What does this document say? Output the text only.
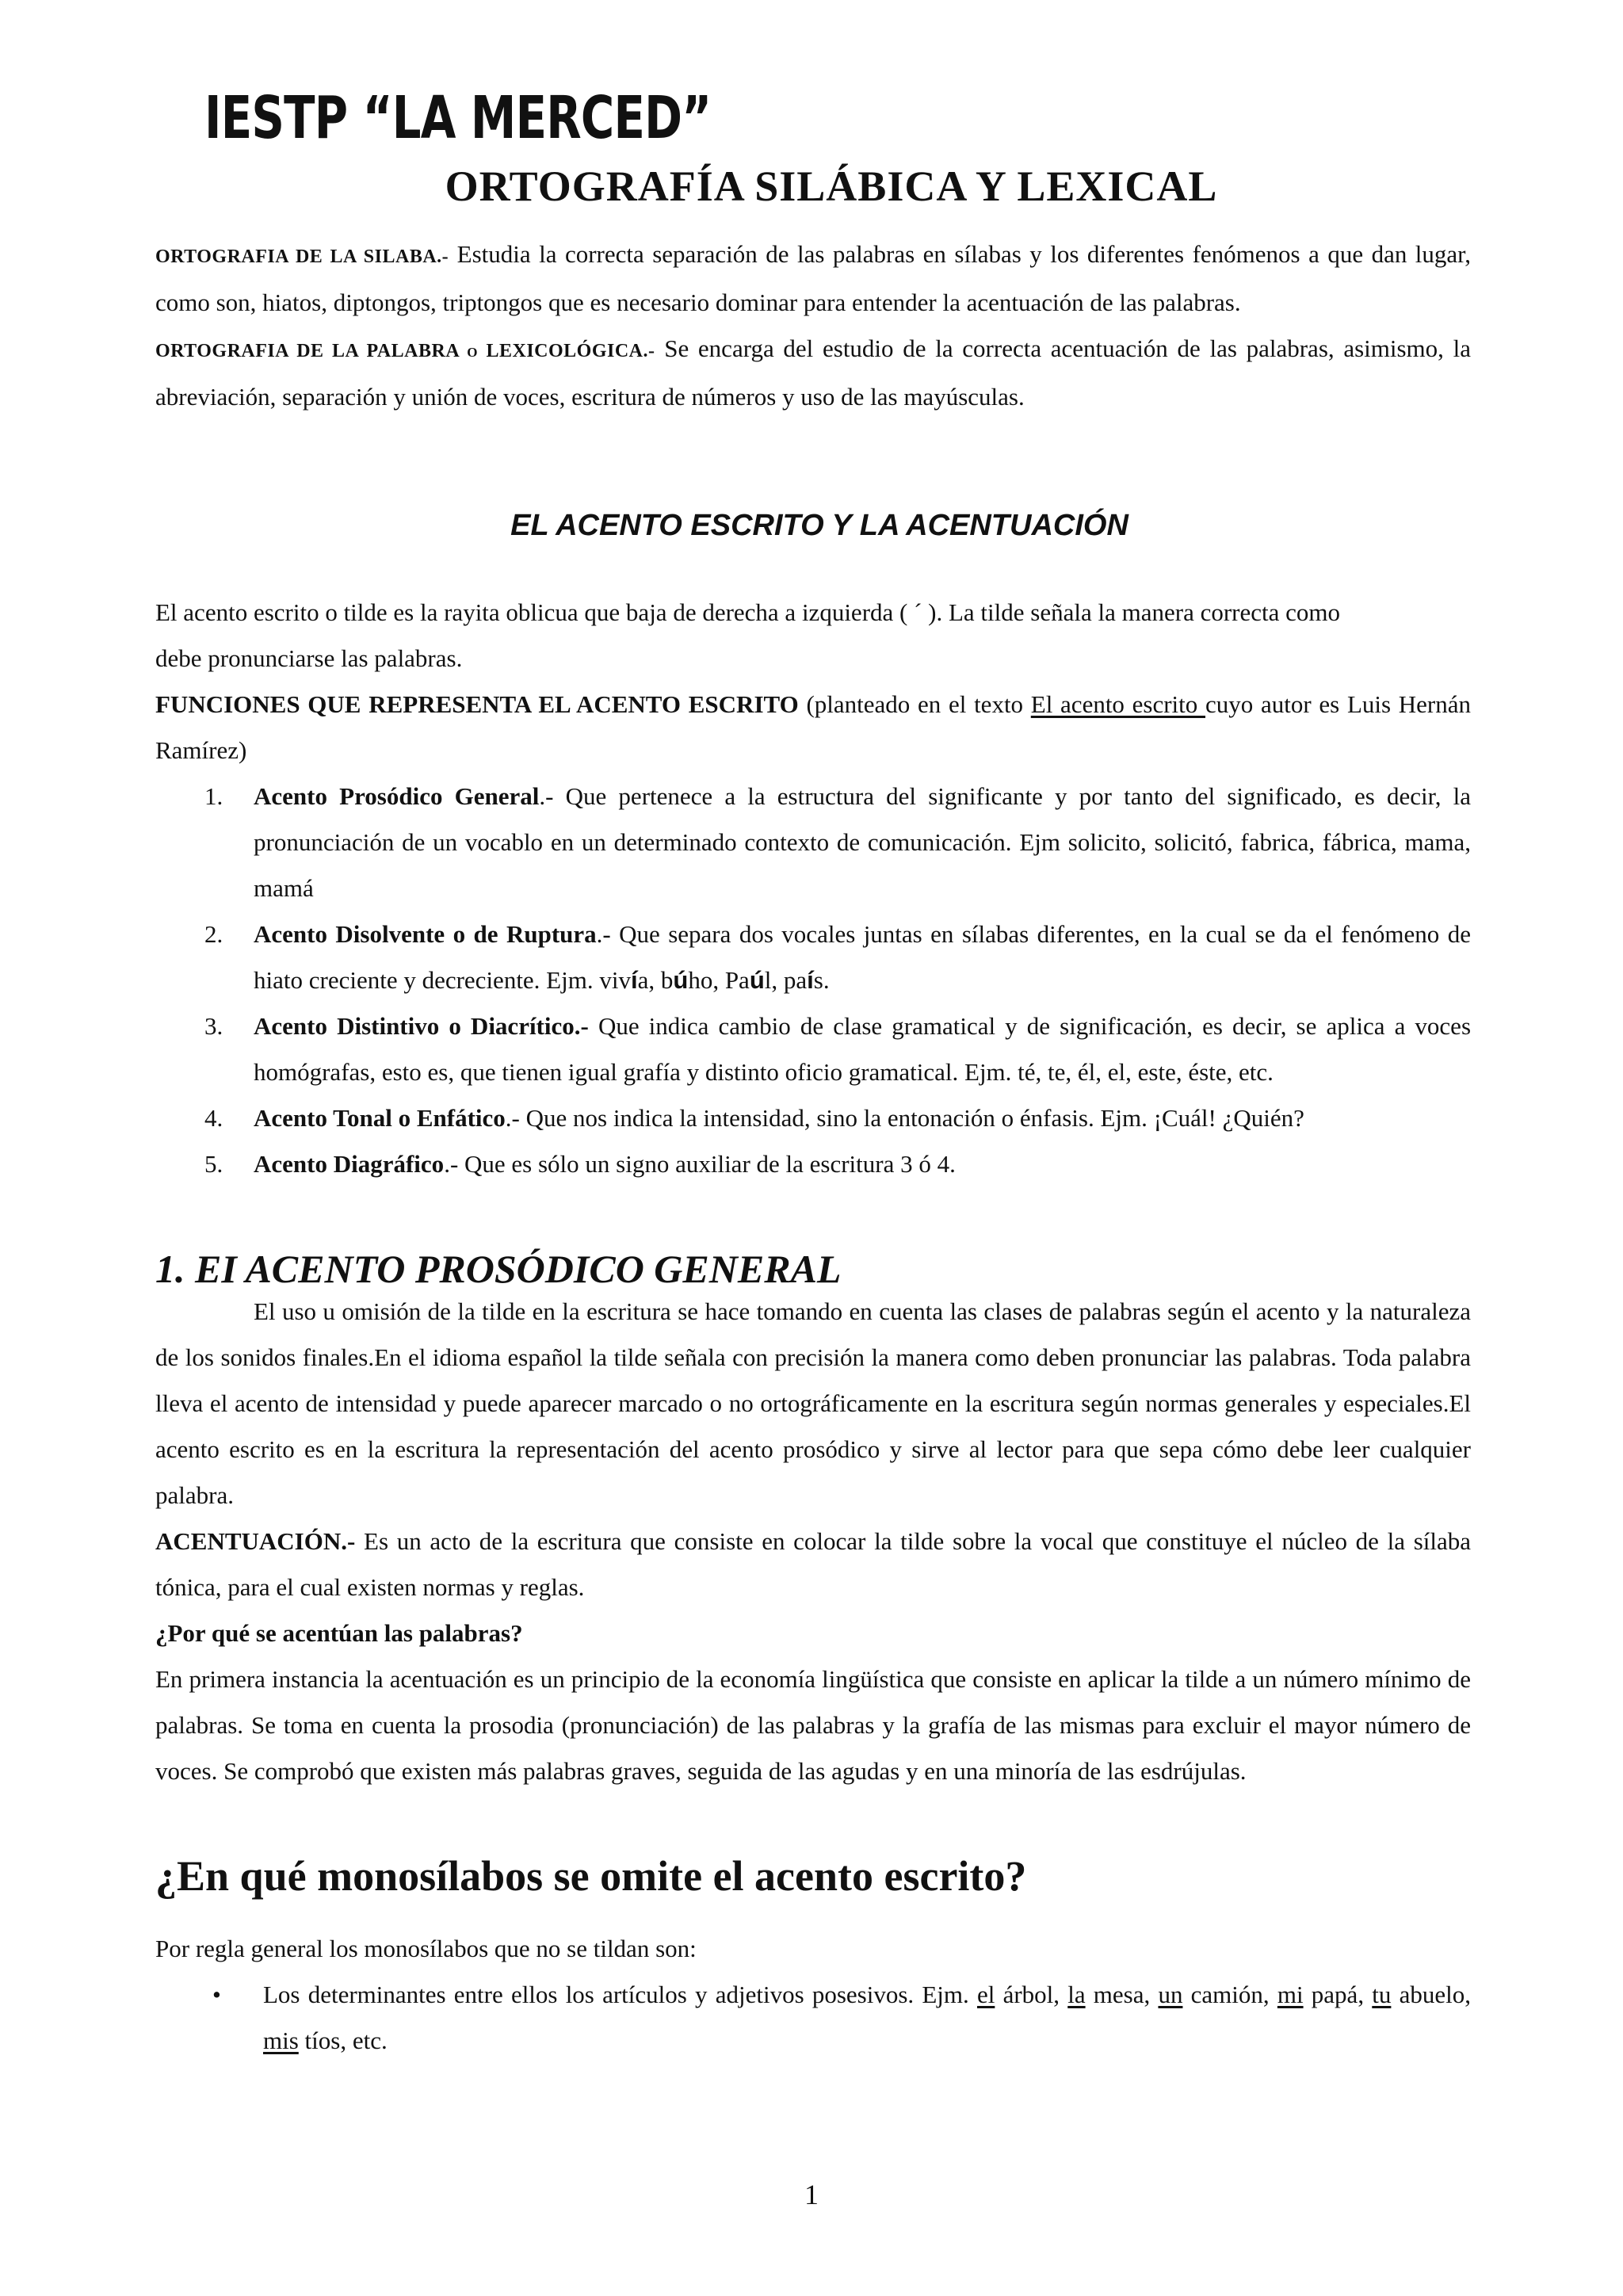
IESTP “LA MERCED”
ORTOGRAFÍA SILÁBICA Y LEXICAL

ORTOGRAFIA DE LA SILABA.- Estudia la correcta separación de las palabras en sílabas y los diferentes fenómenos a que dan lugar, como son, hiatos, diptongos, triptongos que es necesario dominar para entender la acentuación de las palabras.

ORTOGRAFIA DE LA PALABRA o LEXICOLÓGICA.- Se encarga del estudio de la correcta acentuación de las palabras, asimismo, la abreviación, separación y unión de voces, escritura de números y uso de las mayúsculas.

EL ACENTO ESCRITO Y LA ACENTUACIÓN

El acento escrito o tilde es la rayita oblicua que baja de derecha a izquierda ( ´ ). La tilde señala la manera correcta como debe pronunciarse las palabras.

FUNCIONES QUE REPRESENTA EL ACENTO ESCRITO (planteado en el texto El acento escrito cuyo autor es Luis Hernán Ramírez)

1. Acento Prosódico General.- Que pertenece a la estructura del significante y por tanto del significado, es decir, la pronunciación de un vocablo en un determinado contexto de comunicación. Ejm solicito, solicitó, fabrica, fábrica, mama, mamá
2. Acento Disolvente o de Ruptura.- Que separa dos vocales juntas en sílabas diferentes, en la cual se da el fenómeno de hiato creciente y decreciente. Ejm. vivía, búho, Paúl, país.
3. Acento Distintivo o Diacrítico.- Que indica cambio de clase gramatical y de significación, es decir, se aplica a voces homógrafas, esto es, que tienen igual grafía y distinto oficio gramatical. Ejm. té, te, él, el, este, éste, etc.
4. Acento Tonal o Enfático.- Que nos indica la intensidad, sino la entonación o énfasis. Ejm. ¡Cuál! ¿Quién?
5. Acento Diagráfico.- Que es sólo un signo auxiliar de la escritura 3 ó 4.
1. EI ACENTO PROSÓDICO GENERAL

El uso u omisión de la tilde en la escritura se hace tomando en cuenta las clases de palabras según el acento y la naturaleza de los sonidos finales.En el idioma español la tilde señala con precisión la manera como deben pronunciar las palabras. Toda palabra lleva el acento de intensidad y puede aparecer marcado o no ortográficamente en la escritura según normas generales y especiales.El acento escrito es en la escritura la representación del acento prosódico y sirve al lector para que sepa cómo debe leer cualquier palabra.

ACENTUACIÓN.- Es un acto de la escritura que consiste en colocar la tilde sobre la vocal que constituye el núcleo de la sílaba tónica, para el cual existen normas y reglas.

¿Por qué se acentúan las palabras?

En primera instancia la acentuación es un principio de la economía lingüística que consiste en aplicar la tilde a un número mínimo de palabras. Se toma en cuenta la prosodia (pronunciación) de las palabras y la grafía de las mismas para excluir el mayor número de voces. Se comprobó que existen más palabras graves, seguida de las agudas y en una minoría de las esdrújulas.

¿En qué monosílabos se omite el acento escrito?

Por regla general los monosílabos que no se tildan son:

• Los determinantes entre ellos los artículos y adjetivos posesivos. Ejm. el árbol, la mesa, un camión, mi papá, tu abuelo, mis tíos, etc.
1
